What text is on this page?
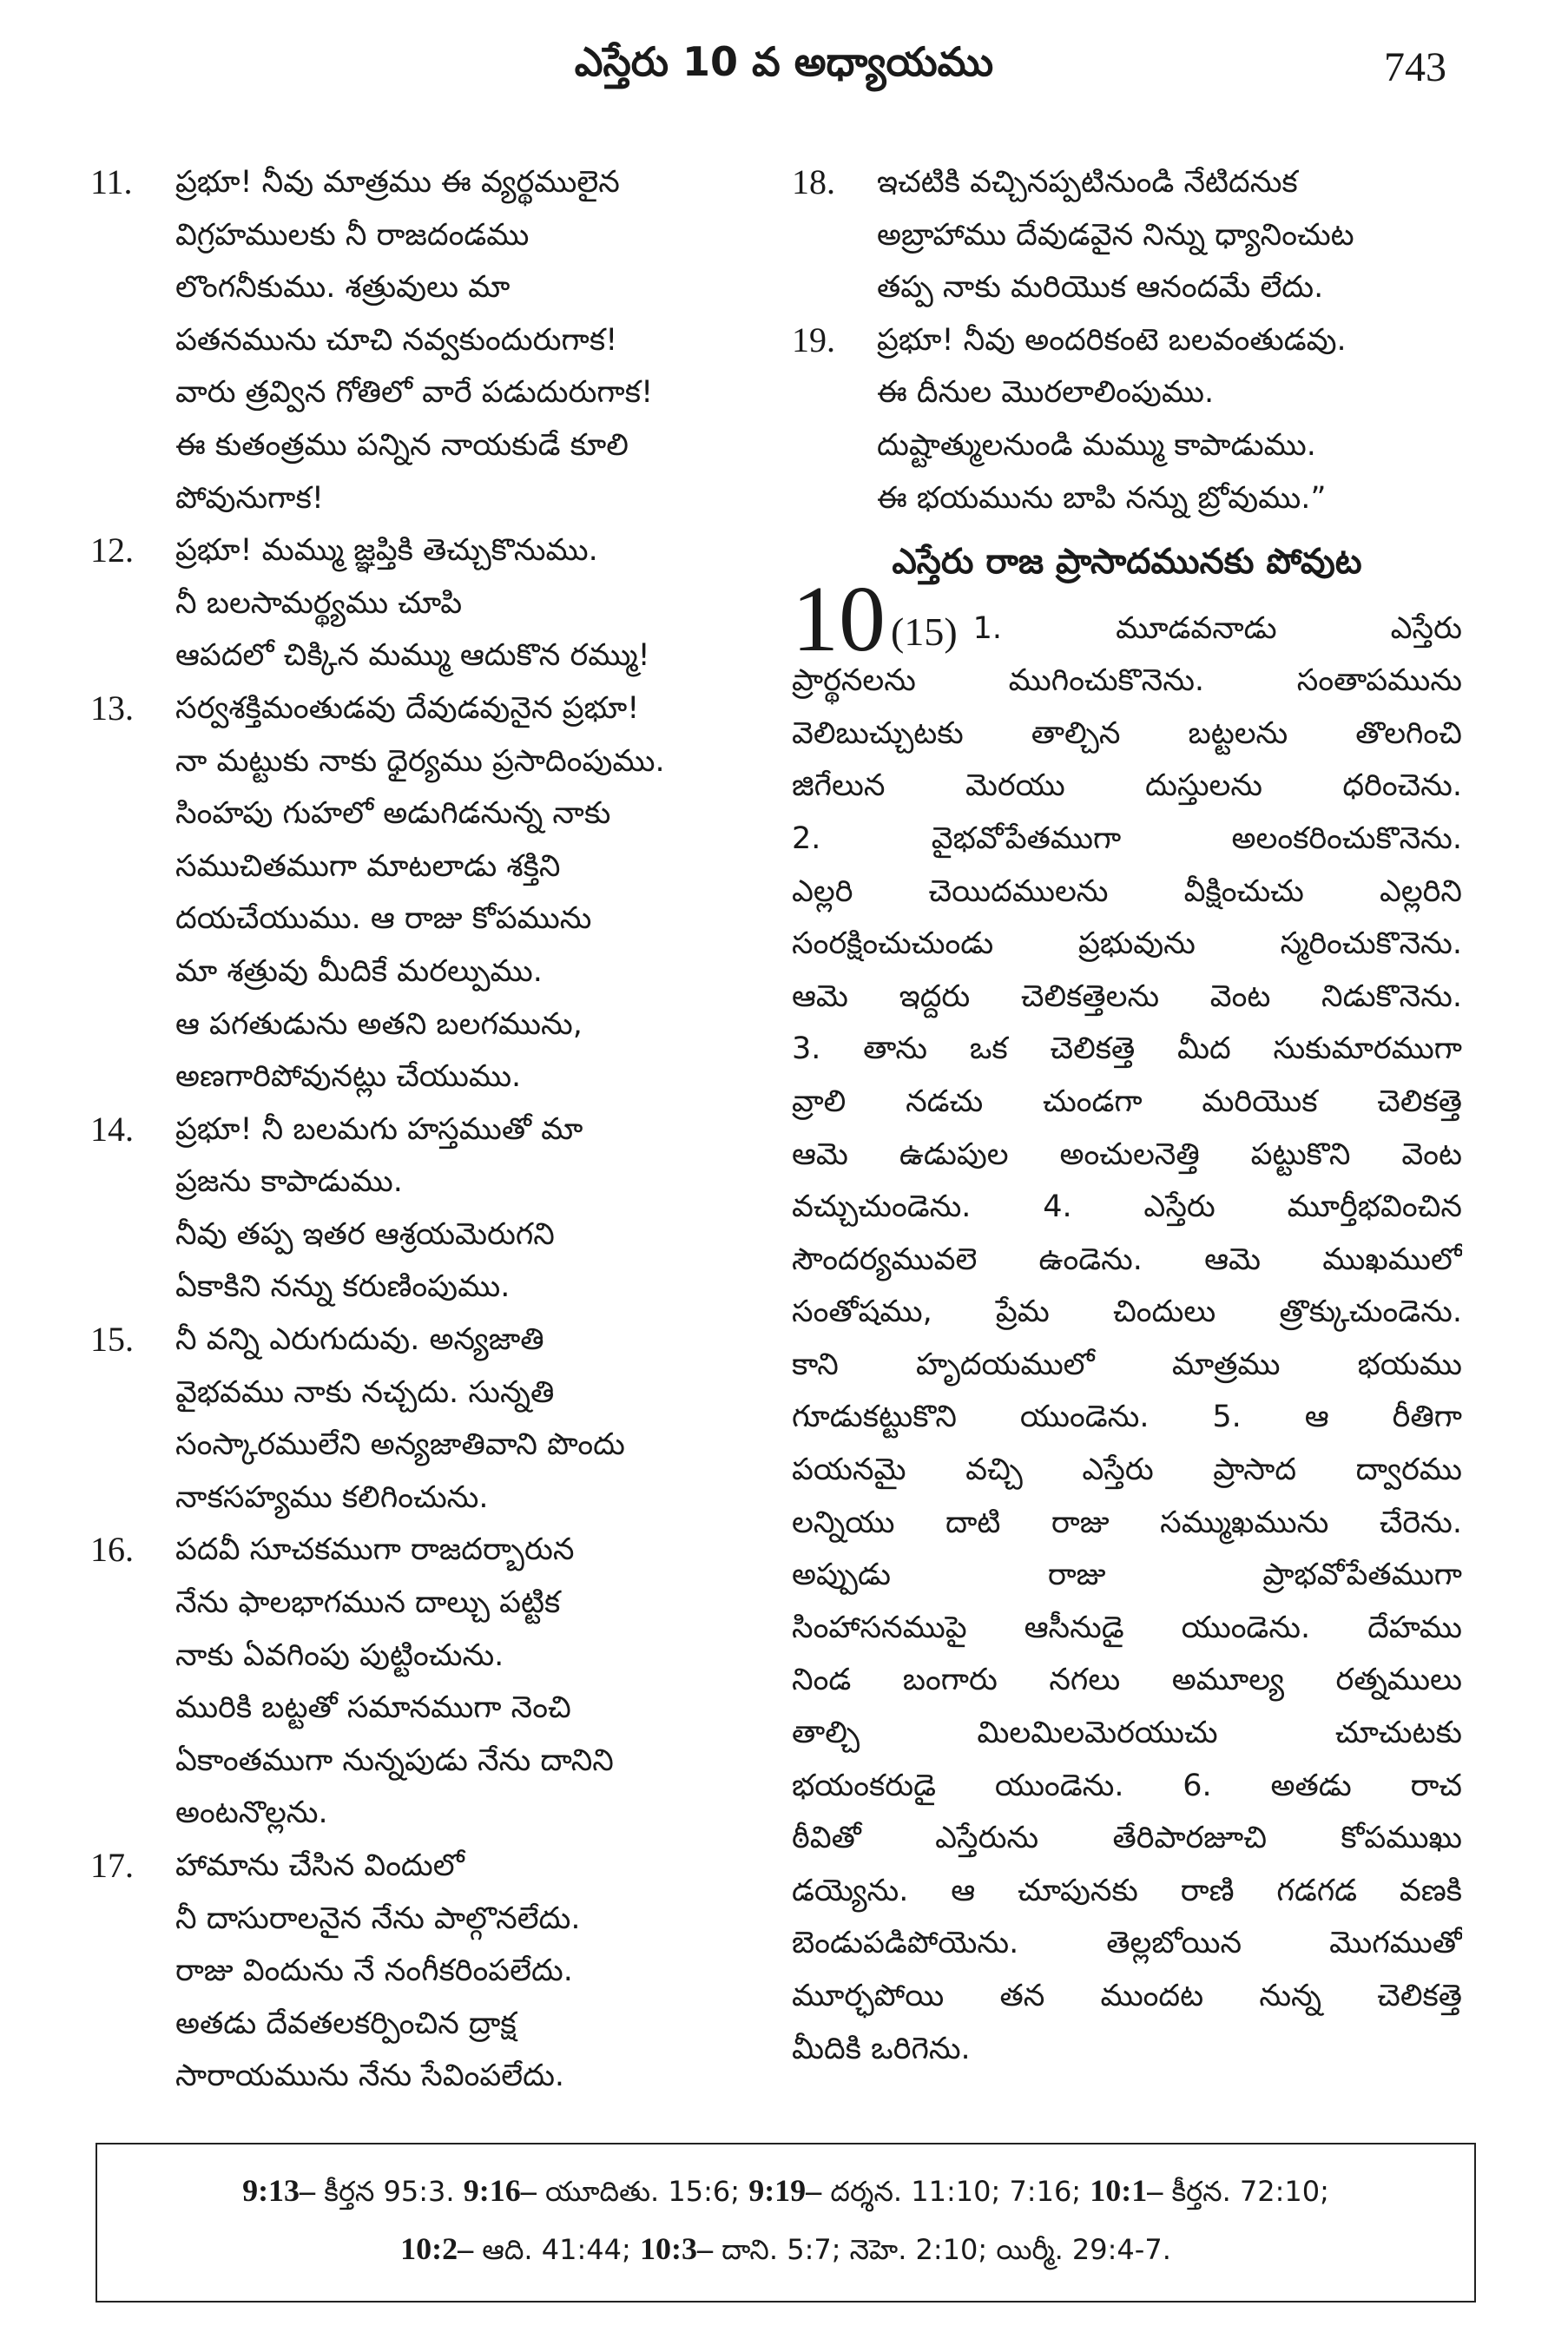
ఎస్తేరు 10 వ అధ్యాయము	743
11.	ప్రభూ! నీవు మాత్రము ఈ వ్యర్థములైన
విగ్రహములకు నీ రాజదండము
లొంగనీకుము. శత్రువులు మా
పతనమును చూచి నవ్వకుందురుగాక!
వారు త్రవ్విన గోతిలో వారే పడుదురుగాక!
ఈ కుతంత్రము పన్నిన నాయకుడే కూలి
పోవునుగాక!
12.	ప్రభూ! మమ్ము జ్ఞప్తికి తెచ్చుకొనుము.
నీ బలసామర్థ్యము చూపి
ఆపదలో చిక్కిన మమ్ము ఆదుకొన రమ్ము!
13.	సర్వశక్తిమంతుడవు దేవుడవునైన ప్రభూ!
నా మట్టుకు నాకు ధైర్యము ప్రసాదింపుము.
సింహపు గుహలో అడుగిడనున్న నాకు
సముచితముగా మాటలాడు శక్తిని
దయచేయుము. ఆ రాజు కోపమును
మా శత్రువు మీదికే మరల్పుము.
ఆ పగతుడును అతని బలగమును,
అణగారిపోవునట్లు చేయుము.
14.	ప్రభూ! నీ బలమగు హస్తముతో మా
ప్రజను కాపాడుము.
నీవు తప్ప ఇతర ఆశ్రయమెరుగని
ఏకాకిని నన్ను కరుణింపుము.
15.	నీ వన్ని ఎరుగుదువు. అన్యజాతి
వైభవము నాకు నచ్చదు. సున్నతి
సంస్కారములేని అన్యజాతివాని పొందు
నాకసహ్యము కలిగించును.
16.	పదవీ సూచకముగా రాజదర్బారున
నేను ఫాలభాగమున దాల్చు పట్టిక
నాకు ఏవగింపు పుట్టించును.
మురికి బట్టతో సమానముగా నెంచి
ఏకాంతముగా నున్నపుడు నేను దానిని
అంటనొల్లను.
17.	హామాను చేసిన విందులో
నీ దాసురాలనైన నేను పాల్గొనలేదు.
రాజు విందును నే నంగీకరింపలేదు.
అతడు దేవతలకర్పించిన ద్రాక్ష
సారాయమును నేను సేవింపలేదు.
18.	ఇచటికి వచ్చినప్పటినుండి నేటిదనుక
అబ్రాహాము దేవుడవైన నిన్ను ధ్యానించుట
తప్ప నాకు మరియొక ఆనందమే లేదు.
19.	ప్రభూ! నీవు అందరికంటె బలవంతుడవు.
ఈ దీనుల మొరలాలింపుము.
దుష్టాత్ములనుండి మమ్ము కాపాడుము.
ఈ భయమును బాపి నన్ను బ్రోవుము.”
ఎస్తేరు రాజ ప్రాసాదమునకు పోవుట
10 (15) 1. మూడవనాడు ఎస్తేరు
ప్రార్థనలను ముగించుకొనెను. సంతాపమును
వెలిబుచ్చుటకు తాల్చిన బట్టలను తొలగించి
జిగేలున మెరయు దుస్తులను ధరించెను.
2. వైభవోపేతముగా అలంకరించుకొనెను.
ఎల్లరి చెయిదములను వీక్షించుచు ఎల్లరిని
సంరక్షించుచుండు ప్రభువును స్మరించుకొనెను.
ఆమె ఇద్దరు చెలికత్తెలను వెంట నిడుకొనెను.
3. తాను ఒక చెలికత్తె మీద సుకుమారముగా
వ్రాలి నడచు చుండగా మరియొక చెలికత్తె
ఆమె ఉడుపుల అంచులనెత్తి పట్టుకొని వెంట
వచ్చుచుండెను. 4. ఎస్తేరు మూర్తీభవించిన
సౌందర్యమువలె ఉండెను. ఆమె ముఖములో
సంతోషము, ప్రేమ చిందులు త్రొక్కుచుండెను.
కాని హృదయములో మాత్రము భయము
గూడుకట్టుకొని యుండెను. 5. ఆ రీతిగా
పయనమై వచ్చి ఎస్తేరు ప్రాసాద ద్వారము
లన్నియు దాటి రాజు సమ్ముఖమును చేరెను.
అప్పుడు రాజు ప్రాభవోపేతముగా
సింహాసనముపై ఆసీనుడై యుండెను. దేహము
నిండ బంగారు నగలు అమూల్య రత్నములు
తాల్చి మిలమిలమెరయుచు చూచుటకు
భయంకరుడై యుండెను. 6. అతడు రాచ
ఠీవితో ఎస్తేరును తేరిపారజూచి కోపముఖు
డయ్యెను. ఆ చూపునకు రాణి గడగడ వణకి
బెండుపడిపోయెను. తెల్లబోయిన మొగముతో
మూర్ఛపోయి తన ముందట నున్న చెలికత్తె
మీదికి ఒరిగెను.
9:13– కీర్తన 95:3. 9:16– యూదితు. 15:6; 9:19– దర్శన. 11:10; 7:16; 10:1– కీర్తన. 72:10;
10:2– ఆది. 41:44; 10:3– దాని. 5:7; నెహె. 2:10; యిర్మీ. 29:4-7.
